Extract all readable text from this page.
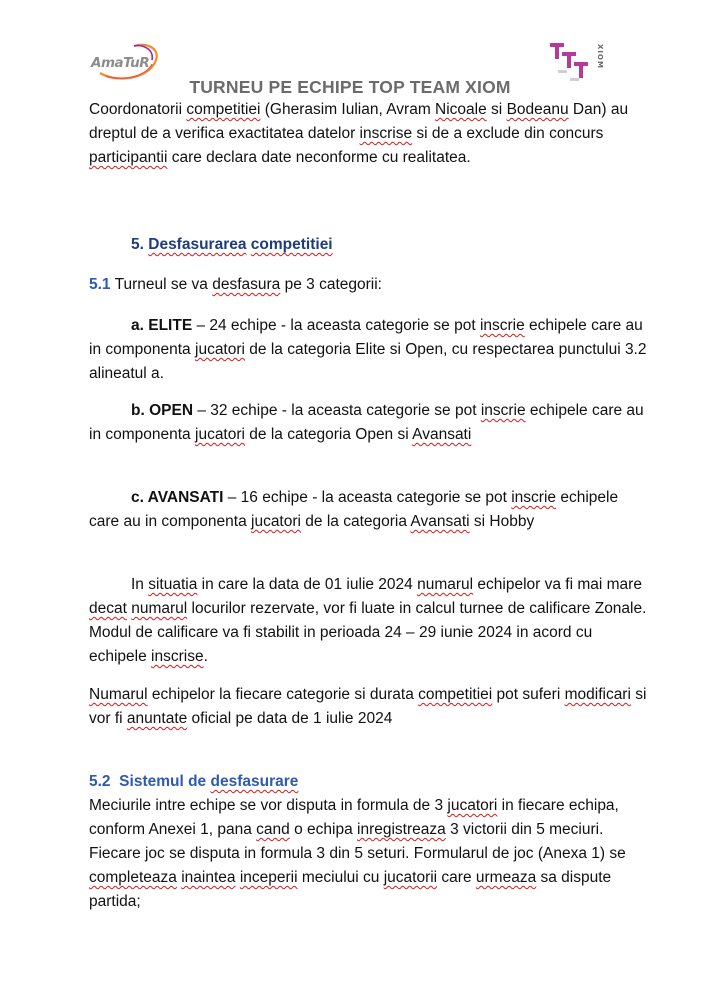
AmaTuR	XIOM
TURNEU PE ECHIPE TOP TEAM XIOM

Coordonatorii competitiei (Gherasim Iulian, Avram Nicoale si Bodeanu Dan) au dreptul de a verifica exactitatea datelor inscrise si de a exclude din concurs participantii care declara date neconforme cu realitatea.

5. Desfasurarea competitiei

5.1 Turneul se va desfasura pe 3 categorii:

a. ELITE – 24 echipe - la aceasta categorie se pot inscrie echipele care au in componenta jucatori de la categoria Elite si Open, cu respectarea punctului 3.2 alineatul a.

b. OPEN – 32 echipe - la aceasta categorie se pot inscrie echipele care au in componenta jucatori de la categoria Open si Avansati

c. AVANSATI – 16 echipe - la aceasta categorie se pot inscrie echipele care au in componenta jucatori de la categoria Avansati si Hobby

In situatia in care la data de 01 iulie 2024 numarul echipelor va fi mai mare decat numarul locurilor rezervate, vor fi luate in calcul turnee de calificare Zonale. Modul de calificare va fi stabilit in perioada 24 – 29 iunie 2024 in acord cu echipele inscrise.

Numarul echipelor la fiecare categorie si durata competitiei pot suferi modificari si vor fi anuntate oficial pe data de 1 iulie 2024

5.2  Sistemul de desfasurare

Meciurile intre echipe se vor disputa in formula de 3 jucatori in fiecare echipa, conform Anexei 1, pana cand o echipa inregistreaza 3 victorii din 5 meciuri. Fiecare joc se disputa in formula 3 din 5 seturi. Formularul de joc (Anexa 1) se completeaza inaintea inceperii meciului cu jucatorii care urmeaza sa dispute partida;
